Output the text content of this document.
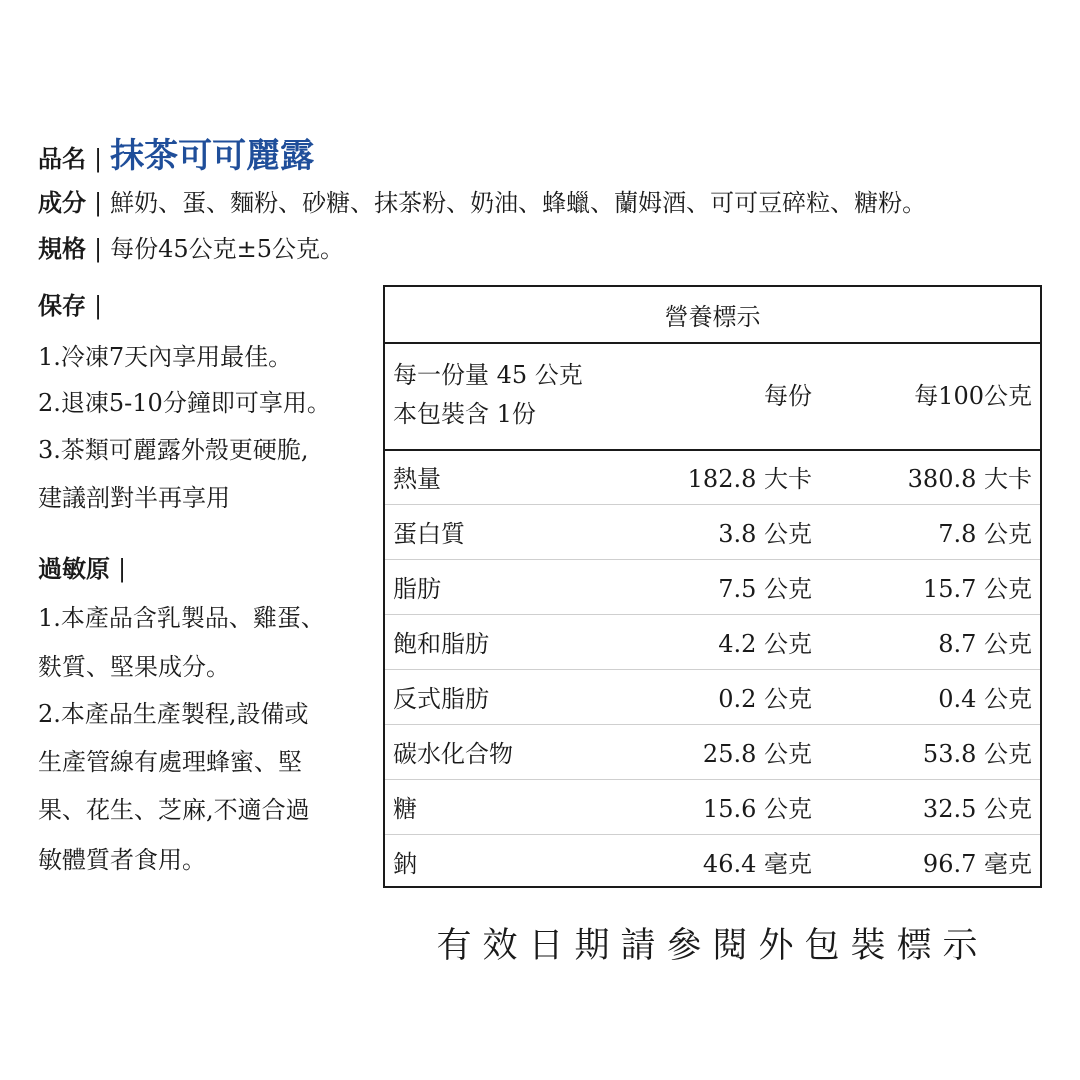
品名 | 抹茶可可麗露
成分 | 鮮奶、蛋、麵粉、砂糖、抹茶粉、奶油、蜂蠟、蘭姆酒、可可豆碎粒、糖粉。
規格 | 每份45公克±5公克。
保存 |
1.冷凍7天內享用最佳。
2.退凍5-10分鐘即可享用。
3.茶類可麗露外殼更硬脆,
建議剖對半再享用
過敏原 |
1.本產品含乳製品、雞蛋、
麩質、堅果成分。
2.本產品生產製程,設備或
生產管線有處理蜂蜜、堅
果、花生、芝麻,不適合過
敏體質者食用。
營養標示
每一份量 45 公克
本包裝含 1份
每份	每100公克
熱量	182.8 大卡	380.8 大卡
蛋白質	3.8 公克	7.8 公克
脂肪	7.5 公克	15.7 公克
飽和脂肪	4.2 公克	8.7 公克
反式脂肪	0.2 公克	0.4 公克
碳水化合物	25.8 公克	53.8 公克
糖	15.6 公克	32.5 公克
鈉	46.4 毫克	96.7 毫克
有效日期請參閱外包裝標示
